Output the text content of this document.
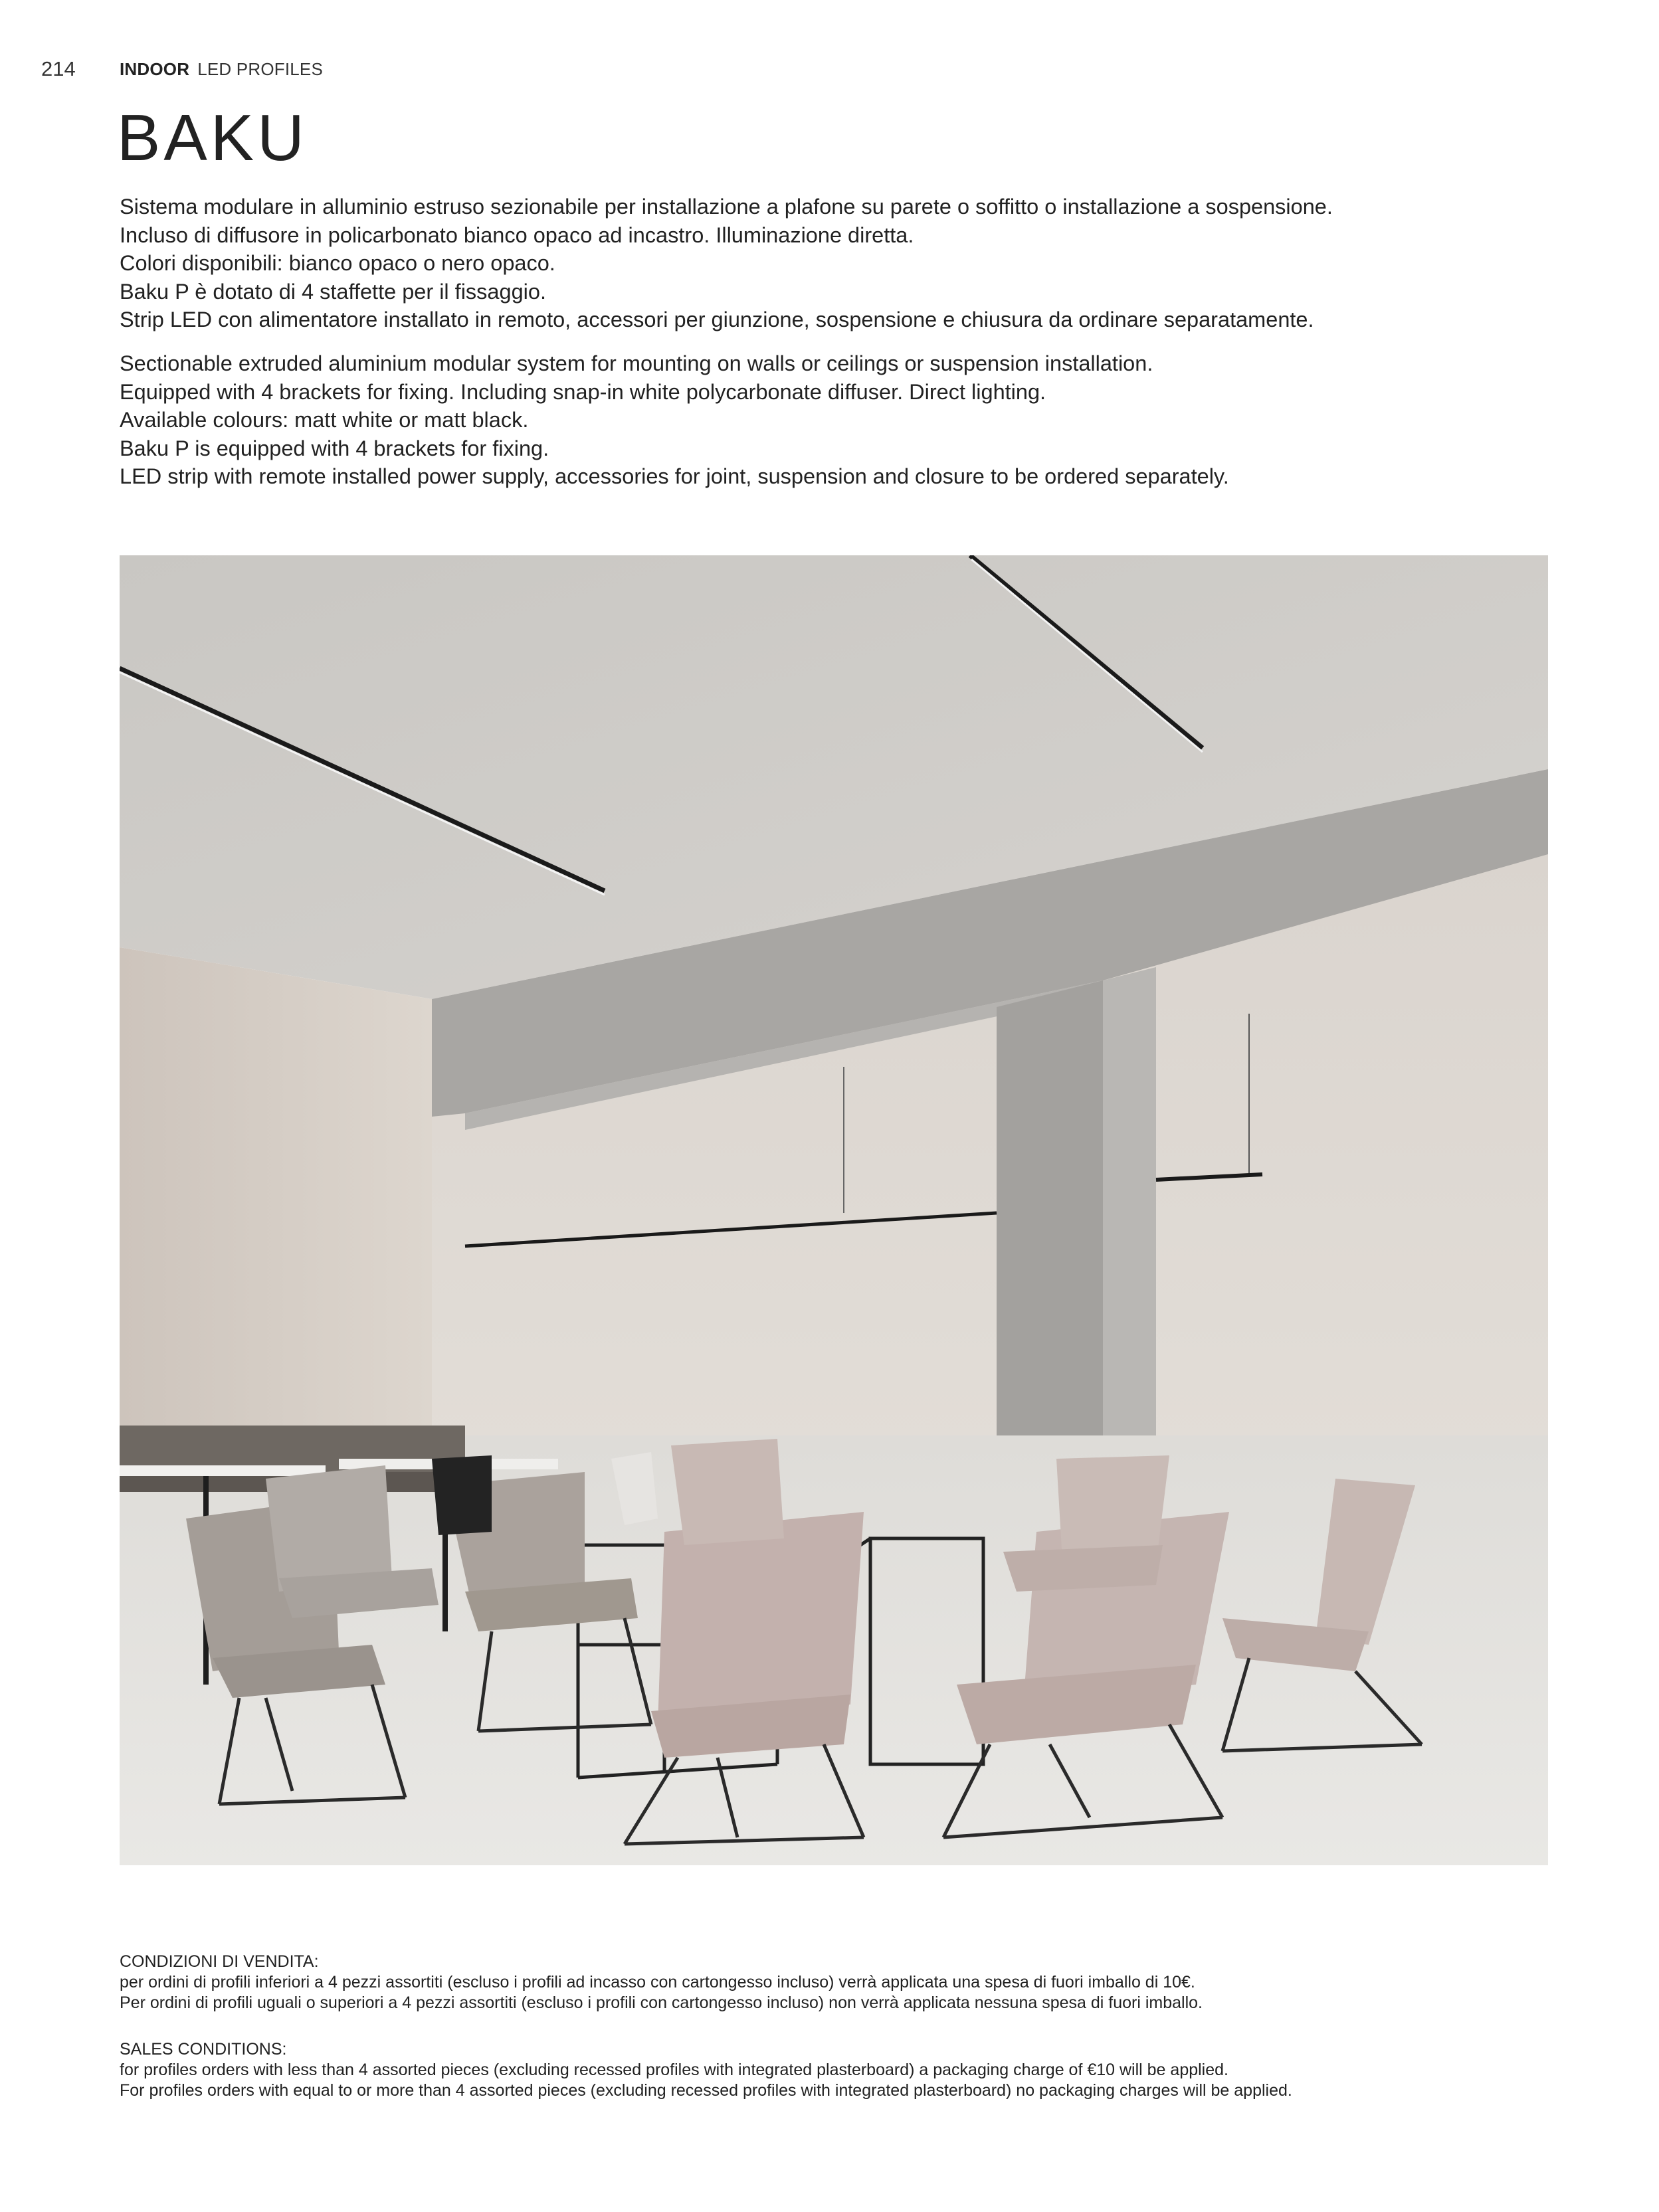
214	INDOOR LED PROFILES
BAKU

Sistema modulare in alluminio estruso sezionabile per installazione a plafone su parete o soffitto o installazione a sospensione.

Incluso di diffusore in policarbonato bianco opaco ad incastro. Illuminazione diretta.

Colori disponibili: bianco opaco o nero opaco.

Baku P è dotato di 4 staffette per il fissaggio.

Strip LED con alimentatore installato in remoto, accessori per giunzione, sospensione e chiusura da ordinare separatamente.

Sectionable extruded aluminium modular system for mounting on walls or ceilings or suspension installation.

Equipped with 4 brackets for fixing. Including snap-in white polycarbonate diffuser. Direct lighting.

Available colours: matt white or matt black.

Baku P is equipped with 4 brackets for fixing.

LED strip with remote installed power supply, accessories for joint, suspension and closure to be ordered separately.

CONDIZIONI DI VENDITA:

per ordini di profili inferiori a 4 pezzi assortiti (escluso i profili ad incasso con cartongesso incluso) verrà applicata una spesa di fuori imballo di 10€.

Per ordini di profili uguali o superiori a 4 pezzi assortiti (escluso i profili con cartongesso incluso) non verrà applicata nessuna spesa di fuori imballo.

SALES CONDITIONS:

for profiles orders with less than 4 assorted pieces (excluding recessed profiles with integrated plasterboard) a packaging charge of €10 will be applied.

For profiles orders with equal to or more than 4 assorted pieces (excluding recessed profiles with integrated plasterboard) no packaging charges will be applied.
